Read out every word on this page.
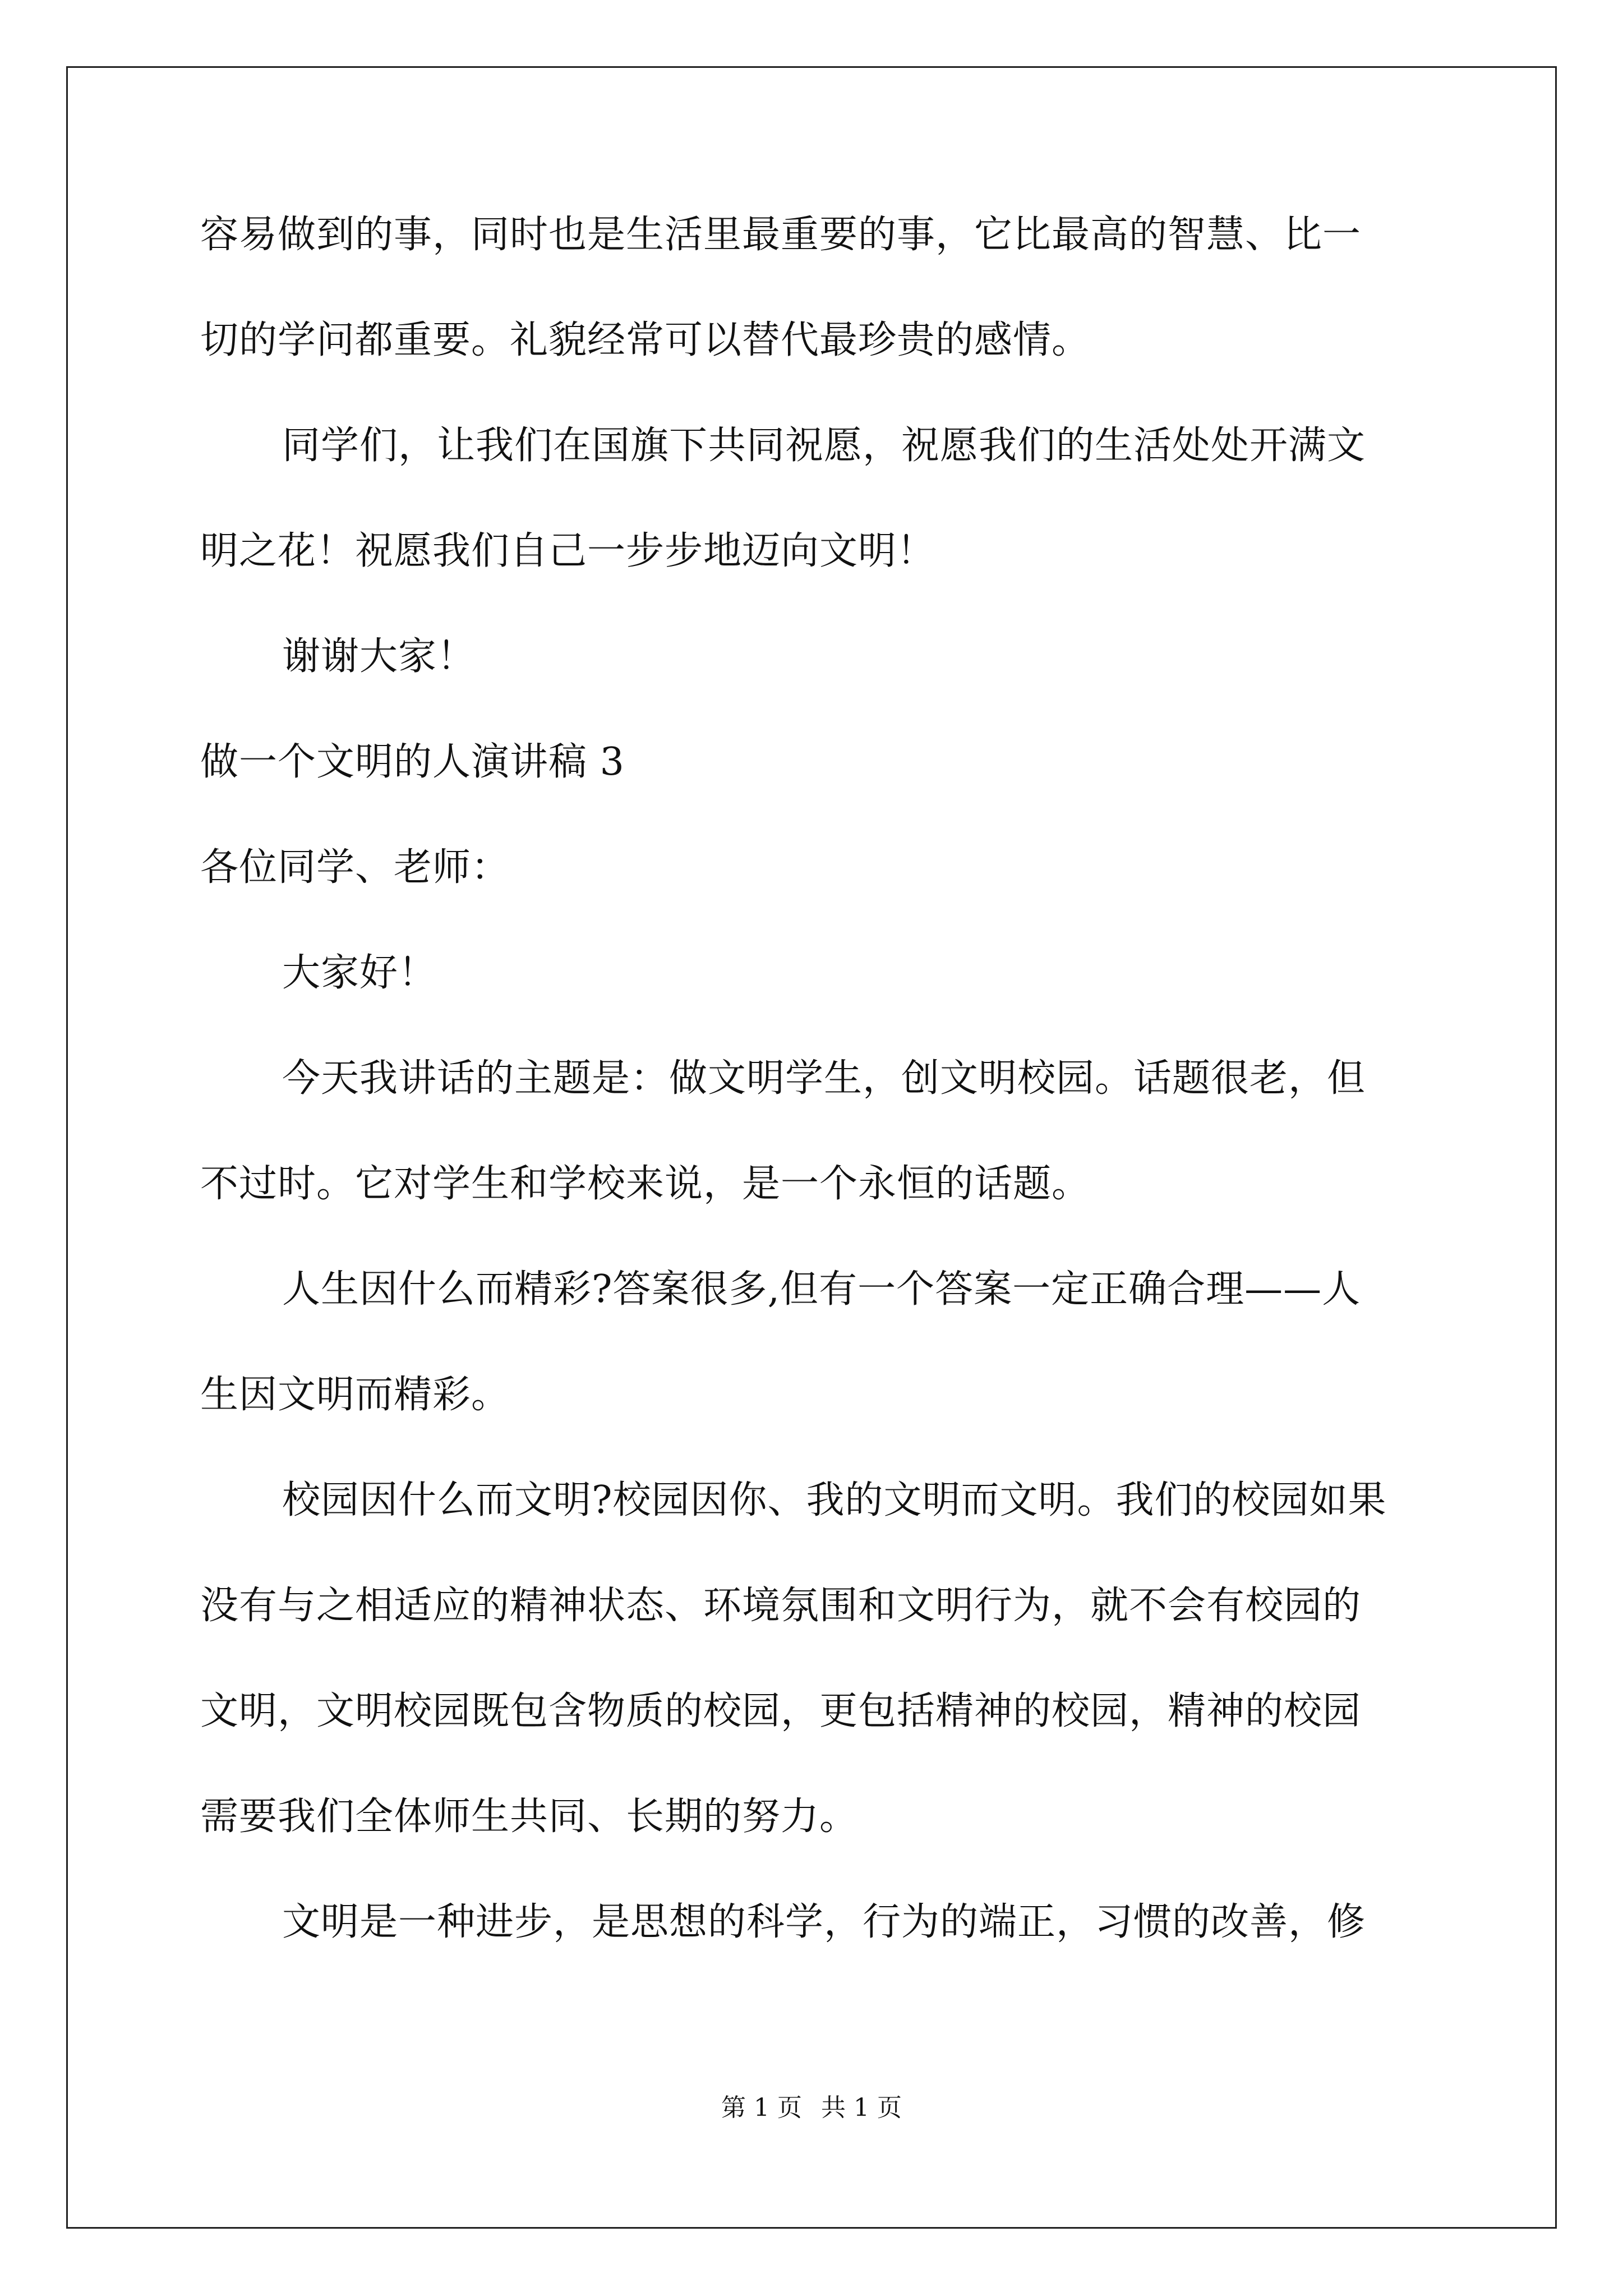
容易做到的事，同时也是生活里最重要的事，它比最高的智慧、比一

切的学问都重要。礼貌经常可以替代最珍贵的感情。

同学们，让我们在国旗下共同祝愿，祝愿我们的生活处处开满文

明之花！祝愿我们自己一步步地迈向文明！

谢谢大家！

做一个文明的人演讲稿 3

各位同学、老师：

大家好！

今天我讲话的主题是：做文明学生，创文明校园。话题很老，但

不过时。它对学生和学校来说，是一个永恒的话题。

人生因什么而精彩?答案很多,但有一个答案一定正确合理——人

生因文明而精彩。

校园因什么而文明?校园因你、我的文明而文明。我们的校园如果

没有与之相适应的精神状态、环境氛围和文明行为，就不会有校园的

文明，文明校园既包含物质的校园，更包括精神的校园，精神的校园

需要我们全体师生共同、长期的努力。

文明是一种进步，是思想的科学，行为的端正，习惯的改善，修

第 1 页 共 1 页
